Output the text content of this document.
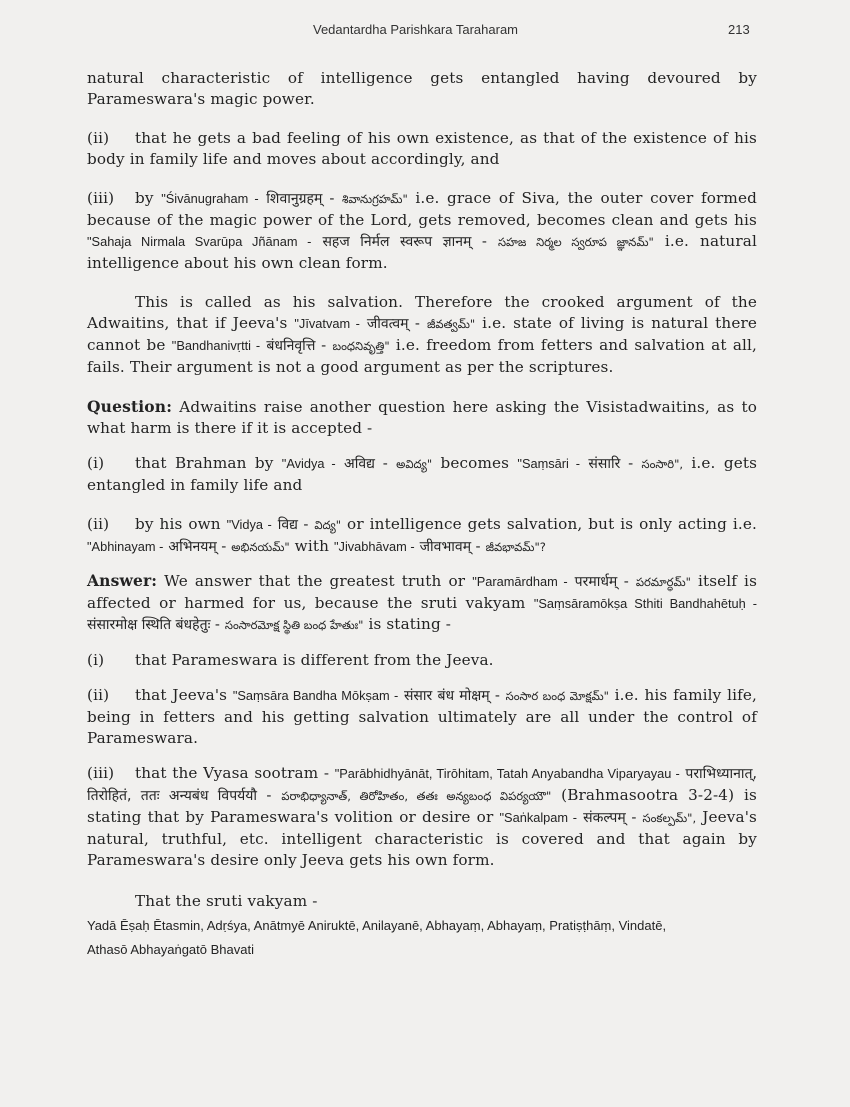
Vedantardha Parishkara Taraharam	213

natural characteristic of intelligence gets entangled having devoured by Parameswara's magic power.

(ii) that he gets a bad feeling of his own existence, as that of the existence of his body in family life and moves about accordingly, and

(iii) by "Śivānugraham - शिवानुग्रहम् - శివానుగ్రహమ్" i.e. grace of Siva, the outer cover formed because of the magic power of the Lord, gets removed, becomes clean and gets his "Sahaja Nirmala Svarūpa Jñānam - सहज निर्मल स्वरूप ज्ञानम् - సహజ నిర్మల స్వరూప జ్ఞానమ్" i.e. natural intelligence about his own clean form.

This is called as his salvation. Therefore the crooked argument of the Adwaitins, that if Jeeva's "Jīvatvam - जीवत्वम् - జీవత్వమ్" i.e. state of living is natural there cannot be "Bandhanivṛtti - बंधनिवृत्ति - బంధనివృత్తి" i.e. freedom from fetters and salvation at all, fails. Their argument is not a good argument as per the scriptures.

Question: Adwaitins raise another question here asking the Visistadwaitins, as to what harm is there if it is accepted -

(i) that Brahman by "Avidya - अविद्य - అవిద్య" becomes "Saṃsāri - संसारि - సంసారి", i.e. gets entangled in family life and

(ii) by his own "Vidya - विद्य - విద్య" or intelligence gets salvation, but is only acting i.e. "Abhinayam - अभिनयम् - అభినయమ్" with "Jivabhāvam - जीवभावम् - జీవభావమ్"?

Answer: We answer that the greatest truth or "Paramārdham - परमार्धम् - పరమార్ధమ్" itself is affected or harmed for us, because the sruti vakyam "Saṃsāramōkṣa Sthiti Bandhahētuḥ - संसारमोक्ष स्थिति बंधहेतुः - సంసారమోక్ష స్థితి బంధ హేతుః" is stating -

(i) that Parameswara is different from the Jeeva.

(ii) that Jeeva's "Saṃsāra Bandha Mōkṣam - संसार बंध मोक्षम् - సంసార బంధ మోక్షమ్" i.e. his family life, being in fetters and his getting salvation ultimately are all under the control of Parameswara.

(iii) that the Vyasa sootram - "Parābhidhyānāt, Tirōhitam, Tatah Anyabandha Viparyayau - पराभिध्यानात्, तिरोहितं, ततः अन्यबंध विपर्ययौ - పరాభిధ్యానాత్, తిరోహితం, తతః అన్యబంధ విపర్యయౌ" (Brahmasootra 3-2-4) is stating that by Parameswara's volition or desire or "Saṅkalpam - संकल्पम् - సంకల్పమ్", Jeeva's natural, truthful, etc. intelligent characteristic is covered and that again by Parameswara's desire only Jeeva gets his own form.

That the sruti vakyam -

Yadā Ēṣaḥ Ētasmin, Adṛśya, Anātmyē Aniruktē, Anilayanē, Abhayaṃ, Abhayaṃ, Pratiṣṭhāṃ, Vindatē,

Athasō Abhayaṅgatō Bhavati
